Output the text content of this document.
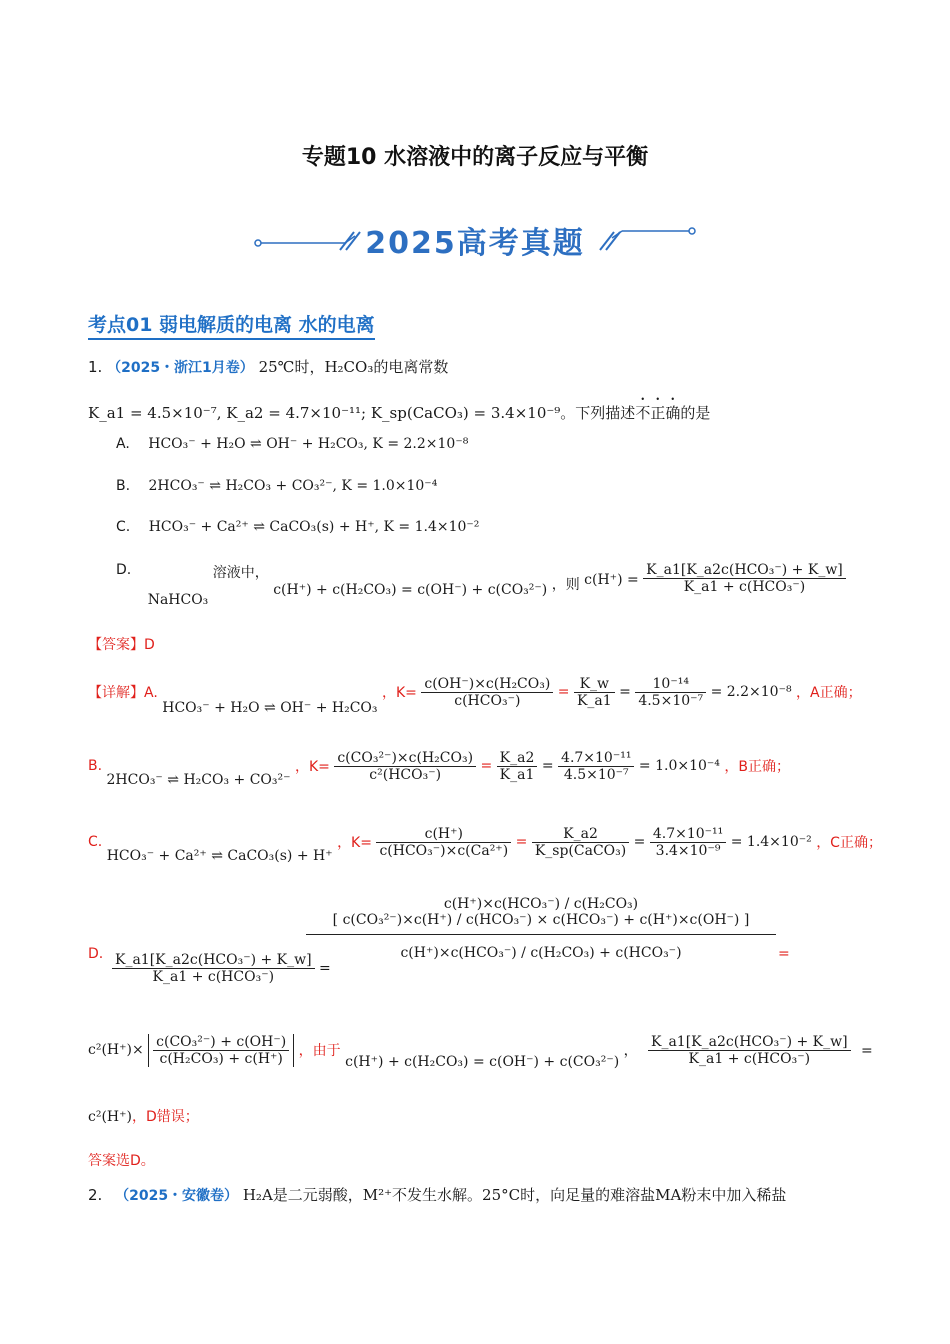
专题10 水溶液中的离子反应与平衡
2025高考真题
考点01 弱电解质的电离 水的电离
1. （2025・浙江1月卷） 25℃时，H₂CO₃的电离常数
K_a1 = 4.5×10⁻⁷, K_a2 = 4.7×10⁻¹¹; K_sp(CaCO₃) = 3.4×10⁻⁹。下列描述不正确的是
A. HCO₃⁻ + H₂O ⇌ OH⁻ + H₂CO₃, K = 2.2×10⁻⁸
B. 2HCO₃⁻ ⇌ H₂CO₃ + CO₃²⁻, K = 1.0×10⁻⁴
C. HCO₃⁻ + Ca²⁺ ⇌ CaCO₃(s) + H⁺, K = 1.4×10⁻²
D. NaHCO₃ 溶液中， c(H⁺) + c(H₂CO₃) = c(OH⁻) + c(CO₃²⁻) ，则 $c(H^+) = \frac{\text{K\_a1[K\_a2c(HCO₃⁻) + K\_w]}}{\text{K\_a1 + c(HCO₃⁻)}}$
【答案】D
【详解】A. HCO₃⁻ + H₂O ⇌ OH⁻ + H₂CO₃ ，$K= \frac{\text{c(OH⁻)×c(H₂CO₃)}}{\text{c(HCO₃⁻)}} = \frac{K\_w}{K\_a1} = \frac{\text{10⁻¹⁴}}{\text{4.5×10⁻⁷}} = 2.2\times 10^{-8}$ ，A正确；
B. 2HCO₃⁻ ⇌ H₂CO₃ + CO₃²⁻ ，$K= \frac{\text{c(CO₃²⁻)×c(H₂CO₃)}}{\text{c²(HCO₃⁻)}} = \frac{K\_a2}{K\_a1} = \frac{\text{4.7×10⁻¹¹}}{\text{4.5×10⁻⁷}} = 1.0\times 10^{-4}$ ，B正确；
C. HCO₃⁻ + Ca²⁺ ⇌ CaCO₃(s) + H⁺ ，$K= \frac{c(H^+)}{\text{c(HCO₃⁻)×c(Ca²⁺)}} = \frac{K\_a2}{\text{K\_sp(CaCO₃)}} = \frac{\text{4.7×10⁻¹¹}}{\text{3.4×10⁻⁹}} = 1.4\times 10^{-2}$ ，C正确；
D. $\frac{\text{K\_a1[K\_a2c(HCO₃⁻) + K\_w]}}{\text{K\_a1 + c(HCO₃⁻)}}$ =
c(H⁺)×c(HCO₃⁻) / c(H₂CO₃)
[ c(CO₃²⁻)×c(H⁺) / c(HCO₃⁻) × c(HCO₃⁻) + c(H⁺)×c(OH⁻) ]
c(H⁺)×c(HCO₃⁻) / c(H₂CO₃) + c(HCO₃⁻)	=
$c^2(H^+)\times \frac{\text{c(CO₃²⁻) + c(OH⁻)}}{\text{c(H₂CO₃) + c(H⁺)}}$ ，由于 c(H⁺) + c(H₂CO₃) = c(OH⁻) + c(CO₃²⁻) ， $\frac{\text{K\_a1[K\_a2c(HCO₃⁻) + K\_w]}}{\text{K\_a1 + c(HCO₃⁻)}}$ =
c²(H⁺)，D错误；
答案选D。
2. （2025・安徽卷） H₂A是二元弱酸，M²⁺不发生水解。25°C时，向足量的难溶盐MA粉末中加入稀盐
